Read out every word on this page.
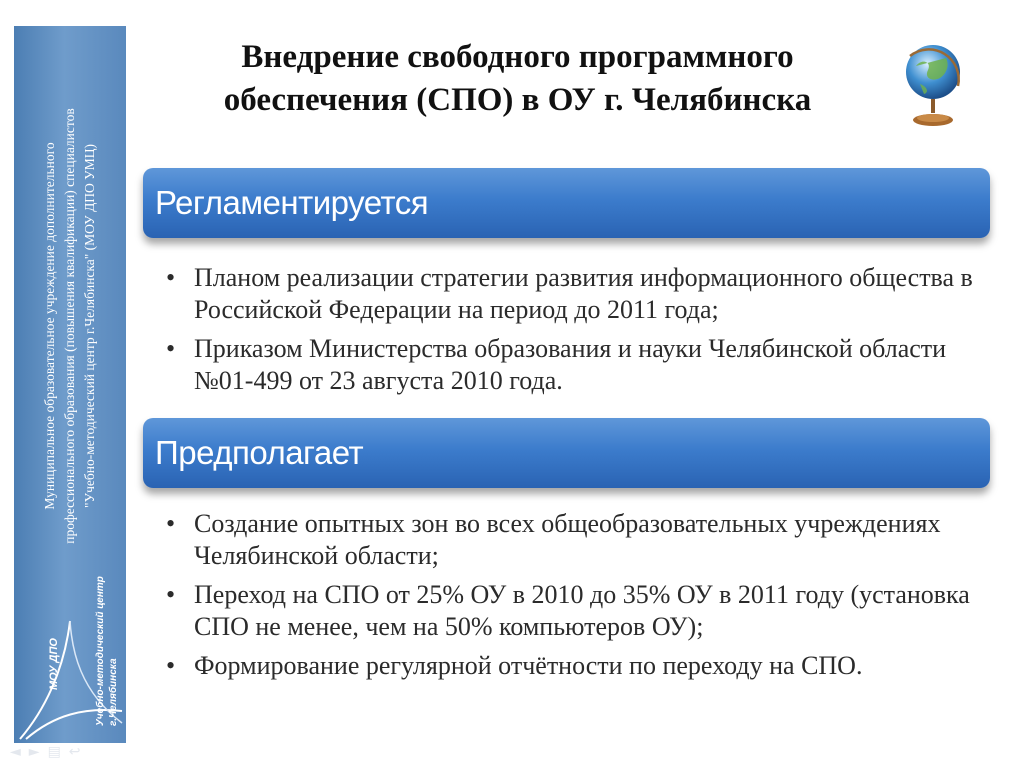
Муниципальное образовательное учреждение дополнительного профессионального образования (повышения квалификации) специалистов "Учебно-методический центр г.Челябинска" (МОУ ДПО УМЦ)
МОУ ДПО	Учебно-методический центр г.Челябинска
Внедрение свободного программного
обеспечения (СПО) в ОУ г. Челябинска
Регламентируется
• Планом реализации стратегии развития информационного общества в Российской Федерации на период до 2011 года;
• Приказом Министерства образования и науки Челябинской области №01-499 от 23 августа 2010 года.
Предполагает
• Создание опытных зон во всех общеобразовательных учреждениях Челябинской области;
• Переход на СПО от 25% ОУ в 2010 до 35% ОУ в 2011 году (установка СПО не менее, чем на 50% компьютеров ОУ);
• Формирование регулярной отчётности по переходу на СПО.
◄►▤↩
